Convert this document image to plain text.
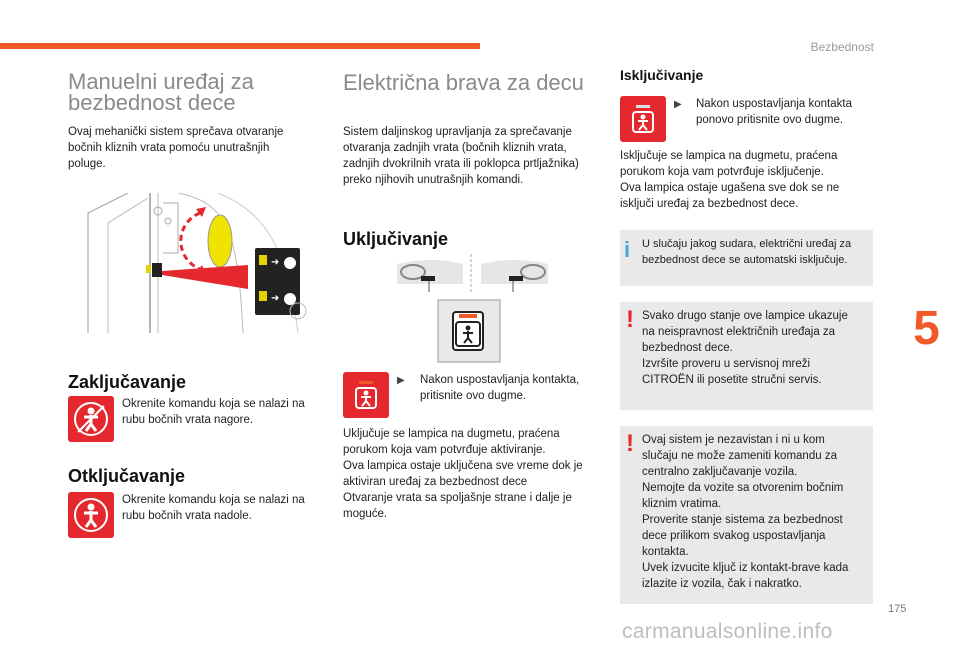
Bezbednost
Manuelni uređaj za
bezbednost dece
Ovaj mehanički sistem sprečava otvaranje
bočnih kliznih vrata pomoću unutrašnjih
poluge.
➜
➜
Zaključavanje
Okrenite komandu koja se nalazi na
rubu bočnih vrata nagore.
Otključavanje
Okrenite komandu koja se nalazi na
rubu bočnih vrata nadole.
Električna brava za decu
Sistem daljinskog upravljanja za sprečavanje
otvaranja zadnjih vrata (bočnih kliznih vrata,
zadnjih dvokrilnih vrata ili poklopca prtljažnika)
preko njihovih unutrašnjih komandi.
Uključivanje
▶ Nakon uspostavljanja kontakta,
pritisnite ovo dugme.
Uključuje se lampica na dugmetu, praćena
porukom koja vam potvrđuje aktiviranje.
Ova lampica ostaje uključena sve vreme dok je
aktiviran uređaj za bezbednost dece
Otvaranje vrata sa spoljašnje strane i dalje je
moguće.
Isključivanje
▶ Nakon uspostavljanja kontakta
ponovo pritisnite ovo dugme.
Isključuje se lampica na dugmetu, praćena
porukom koja vam potvrđuje isključenje.
Ova lampica ostaje ugašena sve dok se ne
isključi uređaj za bezbednost dece.
i U slučaju jakog sudara, električni uređaj za
bezbednost dece se automatski isključuje.
! Svako drugo stanje ove lampice ukazuje
na neispravnost električnih uređaja za
bezbednost dece.
Izvršite proveru u servisnoj mreži
CITROËN ili posetite stručni servis.
! Ovaj sistem je nezavistan i ni u kom
slučaju ne može zameniti komandu za
centralno zaključavanje vozila.
Nemojte da vozite sa otvorenim bočnim
kliznim vratima.
Proverite stanje sistema za bezbednost
dece prilikom svakog uspostavljanja
kontakta.
Uvek izvucite ključ iz kontakt-brave kada
izlazite iz vozila, čak i nakratko.
5
175
carmanualsonline.info
